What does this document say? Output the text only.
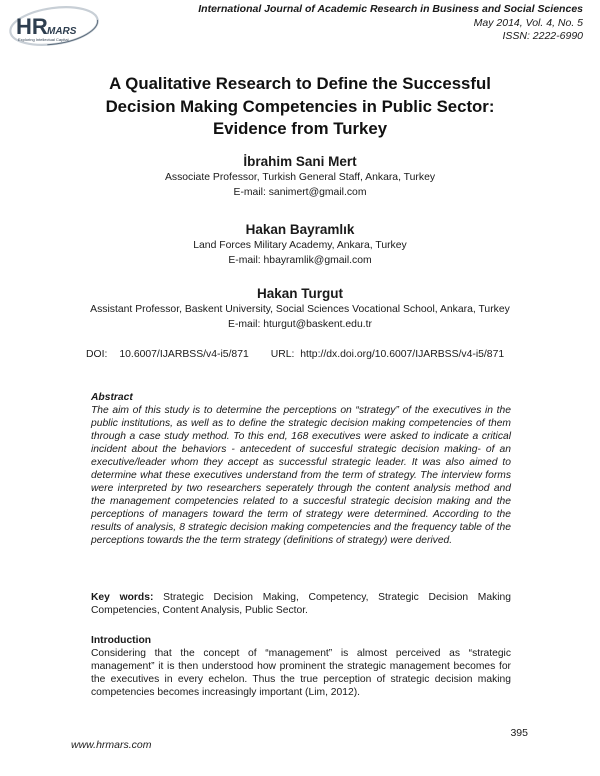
HR MARS
Exploring Intellectual Capital
International Journal of Academic Research in Business and Social Sciences
May 2014, Vol. 4, No. 5
ISSN: 2222-6990
A Qualitative Research to Define the Successful
Decision Making Competencies in Public Sector:
Evidence from Turkey
İbrahim Sani Mert
Associate Professor, Turkish General Staff, Ankara, Turkey
E-mail: sanimert@gmail.com
Hakan Bayramlık
Land Forces Military Academy, Ankara, Turkey
E-mail: hbayramlik@gmail.com
Hakan Turgut
Assistant Professor, Baskent University, Social Sciences Vocational School, Ankara, Turkey
E-mail: hturgut@baskent.edu.tr
DOI: 10.6007/IJARBSS/v4-i5/871 URL: http://dx.doi.org/10.6007/IJARBSS/v4-i5/871
Abstract
The aim of this study is to determine the perceptions on “strategy” of the executives in the public institutions, as well as to define the strategic decision making competencies of them through a case study method. To this end, 168 executives were asked to indicate a critical incident about the behaviors - antecedent of succesful strategic decision making- of an executive/leader whom they accept as successful strategic leader. It was also aimed to determine what these executives understand from the term of strategy. The interview forms were interpreted by two researchers seperately through the content analysis method and the management competencies related to a succesful strategic decision making and the perceptions of managers toward the term of strategy were determined. According to the results of analysis, 8 strategic decision making competencies and the frequency table of the perceptions towards the the term strategy (definitions of strategy) were derived.
Key words: Strategic Decision Making, Competency, Strategic Decision Making Competencies, Content Analysis, Public Sector.
Introduction
Considering that the concept of “management” is almost perceived as “strategic management” it is then understood how prominent the strategic management becomes for the executives in every echelon. Thus the true perception of strategic decision making competencies becomes increasingly important (Lim, 2012).
395
www.hrmars.com
